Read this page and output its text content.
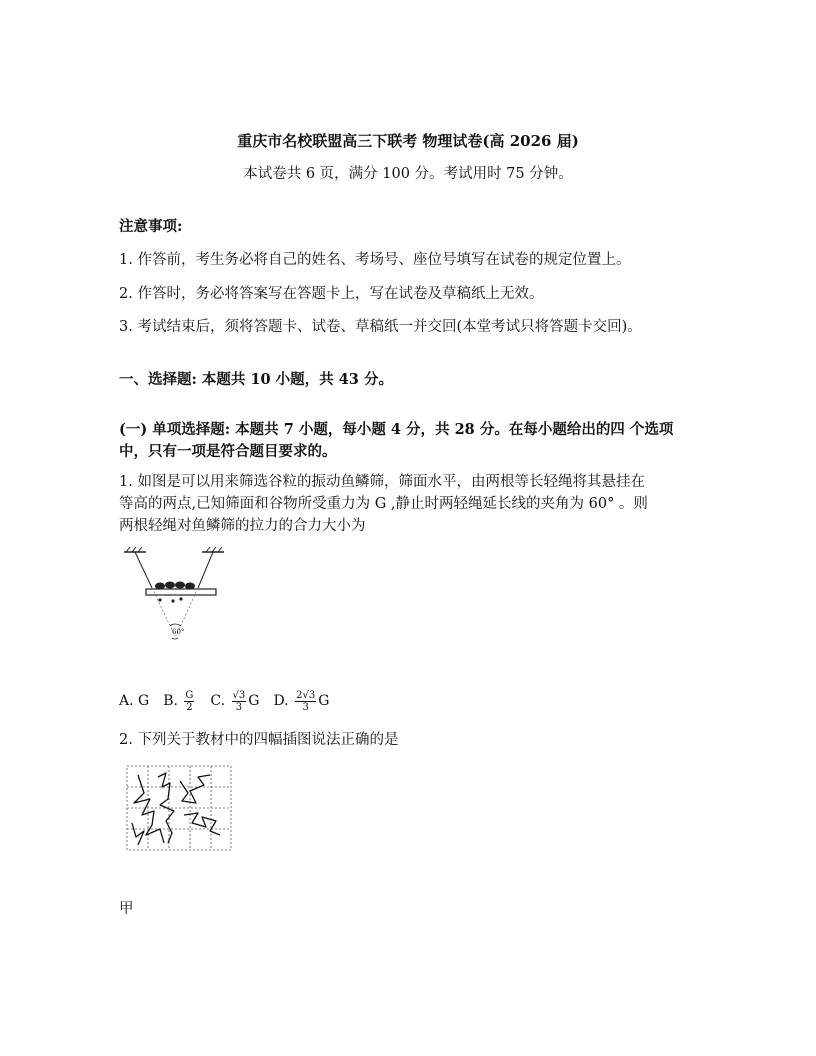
重庆市名校联盟高三下联考 物理试卷(高 2026 届)
本试卷共 6 页，满分 100 分。考试用时 75 分钟。
注意事项:
1. 作答前，考生务必将自己的姓名、考场号、座位号填写在试卷的规定位置上。
2. 作答时，务必将答案写在答题卡上，写在试卷及草稿纸上无效。
3. 考试结束后，须将答题卡、试卷、草稿纸一并交回(本堂考试只将答题卡交回)。
一、选择题: 本题共 10 小题，共 43 分。
(一) 单项选择题: 本题共 7 小题，每小题 4 分，共 28 分。在每小题给出的四 个选项
中，只有一项是符合题目要求的。
1. 如图是可以用来筛选谷粒的振动鱼鳞筛，筛面水平，由两根等长轻绳将其悬挂在
等高的两点,已知筛面和谷物所受重力为 G ,静止时两轻绳延长线的夹角为 60° 。则
两根轻绳对鱼鳞筛的拉力的合力大小为
60°
A.
G B.
$\frac{G}{2} C$.
$\frac{√3}{3}$ G D.
$\frac{2√3}{3}$ G
2. 下列关于教材中的四幅插图说法正确的是
甲
